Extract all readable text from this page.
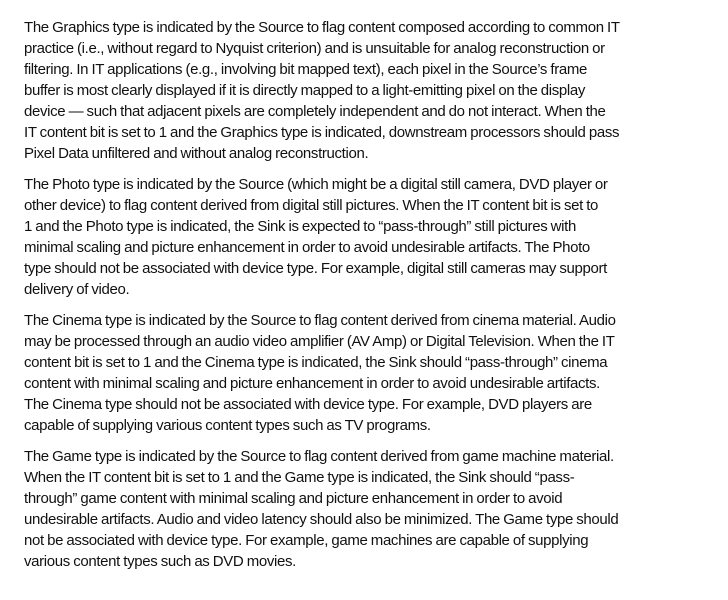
The Graphics type is indicated by the Source to flag content composed according to common IT
practice (i.e., without regard to Nyquist criterion) and is unsuitable for analog reconstruction or
filtering. In IT applications (e.g., involving bit mapped text), each pixel in the Source’s frame
buffer is most clearly displayed if it is directly mapped to a light-emitting pixel on the display
device — such that adjacent pixels are completely independent and do not interact. When the
IT content bit is set to 1 and the Graphics type is indicated, downstream processors should pass
Pixel Data unfiltered and without analog reconstruction.

The Photo type is indicated by the Source (which might be a digital still camera, DVD player or
other device) to flag content derived from digital still pictures. When the IT content bit is set to
1 and the Photo type is indicated, the Sink is expected to “pass-through” still pictures with
minimal scaling and picture enhancement in order to avoid undesirable artifacts. The Photo
type should not be associated with device type. For example, digital still cameras may support
delivery of video.

The Cinema type is indicated by the Source to flag content derived from cinema material. Audio
may be processed through an audio video amplifier (AV Amp) or Digital Television. When the IT
content bit is set to 1 and the Cinema type is indicated, the Sink should “pass-through” cinema
content with minimal scaling and picture enhancement in order to avoid undesirable artifacts.
The Cinema type should not be associated with device type. For example, DVD players are
capable of supplying various content types such as TV programs.

The Game type is indicated by the Source to flag content derived from game machine material.
When the IT content bit is set to 1 and the Game type is indicated, the Sink should “pass-
through” game content with minimal scaling and picture enhancement in order to avoid
undesirable artifacts. Audio and video latency should also be minimized. The Game type should
not be associated with device type. For example, game machines are capable of supplying
various content types such as DVD movies.
